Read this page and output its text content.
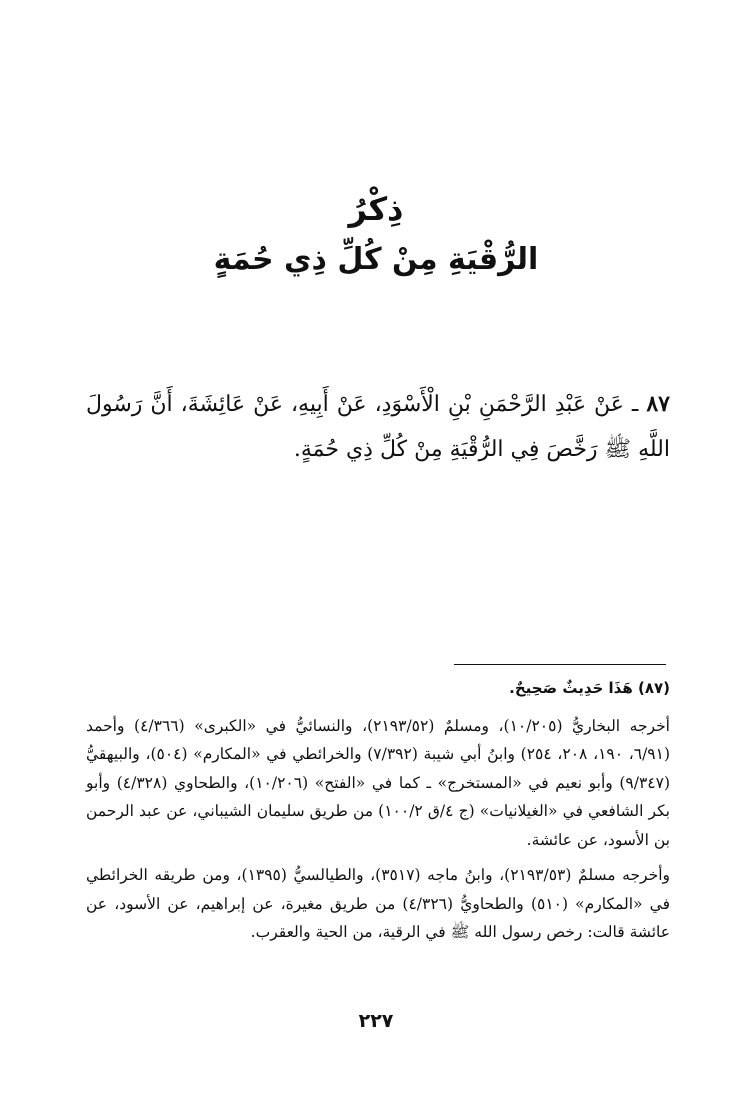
ذِكْرُ
الرُّقْيَةِ مِنْ كُلِّ ذِي حُمَةٍ

٨٧ ـ عَنْ عَبْدِ الرَّحْمَنِ بْنِ الْأَسْوَدِ، عَنْ أَبِيهِ، عَنْ عَائِشَةَ، أَنَّ رَسُولَ اللَّهِ ﷺ رَخَّصَ فِي الرُّقْيَةِ مِنْ كُلِّ ذِي حُمَةٍ.

(٨٧) هَذَا حَدِيثٌ صَحِيحٌ.

أخرجه البخاريُّ (١٠/٢٠٥)، ومسلمٌ (٢١٩٣/٥٢)، والنسائيُّ في «الكبرى» (٤/٣٦٦) وأحمد (٦/٩١، ١٩٠، ٢٠٨، ٢٥٤) وابنُ أبي شيبة (٧/٣٩٢) والخرائطي في «المكارم» (٥٠٤)، والبيهقيُّ (٩/٣٤٧) وأبو نعيم في «المستخرج» ـ كما في «الفتح» (١٠/٢٠٦)، والطحاوي (٤/٣٢٨) وأبو بكر الشافعي في «الغيلانيات» (ج ٤/ق ١٠٠/٢) من طريق سليمان الشيباني، عن عبد الرحمن بن الأسود، عن عائشة.

وأخرجه مسلمٌ (٢١٩٣/٥٣)، وابنُ ماجه (٣٥١٧)، والطيالسيُّ (١٣٩٥)، ومن طريقه الخرائطي في «المكارم» (٥١٠) والطحاويُّ (٤/٣٢٦) من طريق مغيرة، عن إبراهيم، عن الأسود، عن عائشة قالت: رخص رسول الله ﷺ في الرقية، من الحية والعقرب.

٢٢٧
